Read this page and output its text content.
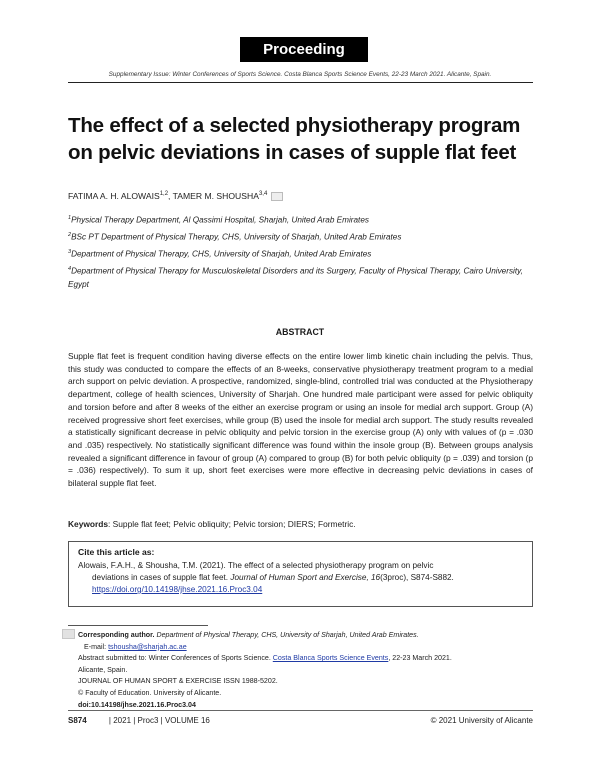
Proceeding
Supplementary Issue: Winter Conferences of Sports Science. Costa Blanca Sports Science Events, 22-23 March 2021. Alicante, Spain.
The effect of a selected physiotherapy program on pelvic deviations in cases of supple flat feet
FATIMA A. H. ALOWAIS$^{1,2}$, TAMER M. SHOUSHA$^{3,4}$
$^1$Physical Therapy Department, Al Qassimi Hospital, Sharjah, United Arab Emirates
$^2$BSc PT Department of Physical Therapy, CHS, University of Sharjah, United Arab Emirates
$^3$Department of Physical Therapy, CHS, University of Sharjah, United Arab Emirates
$^4$Department of Physical Therapy for Musculoskeletal Disorders and its Surgery, Faculty of Physical Therapy, Cairo University, Egypt
ABSTRACT

Supple flat feet is frequent condition having diverse effects on the entire lower limb kinetic chain including the pelvis. Thus, this study was conducted to compare the effects of an 8-weeks, conservative physiotherapy treatment program to a medial arch support on pelvic deviation. A prospective, randomized, single-blind, controlled trial was conducted at the Physiotherapy department, college of health sciences, University of Sharjah. One hundred male participant were assed for pelvic obliquity and torsion before and after 8 weeks of the either an exercise program or using an insole for medial arch support. Group (A) received progressive short feet exercises, while group (B) used the insole for medial arch support. The study results revealed a statistically significant decrease in pelvic obliquity and pelvic torsion in the exercise group (A) only with values of (p = .030 and .035) respectively. No statistically significant difference was found within the insole group (B). Between groups analysis revealed a significant difference in favour of group (A) compared to group (B) for both pelvic obliquity (p = .039) and torsion (p = .036) respectively). To sum it up, short feet exercises were more effective in decreasing pelvic deviations in cases of bilateral supple flat feet.

Keywords: Supple flat feet; Pelvic obliquity; Pelvic torsion; DIERS; Formetric.
Cite this article as:
Alowais, F.A.H., & Shousha, T.M. (2021). The effect of a selected physiotherapy program on pelvic
deviations in cases of supple flat feet. Journal of Human Sport and Exercise, 16(3proc), S874-S882.
https://doi.org/10.14198/jhse.2021.16.Proc3.04
Corresponding author. Department of Physical Therapy, CHS, University of Sharjah, United Arab Emirates.
E-mail: tshousha@sharjah.ac.ae
Abstract submitted to: Winter Conferences of Sports Science. Costa Blanca Sports Science Events, 22-23 March 2021.
Alicante, Spain.
JOURNAL OF HUMAN SPORT & EXERCISE ISSN 1988-5202.
© Faculty of Education. University of Alicante.
doi:10.14198/jhse.2021.16.Proc3.04
S874	| 2021 | Proc3 | VOLUME 16	© 2021 University of Alicante
